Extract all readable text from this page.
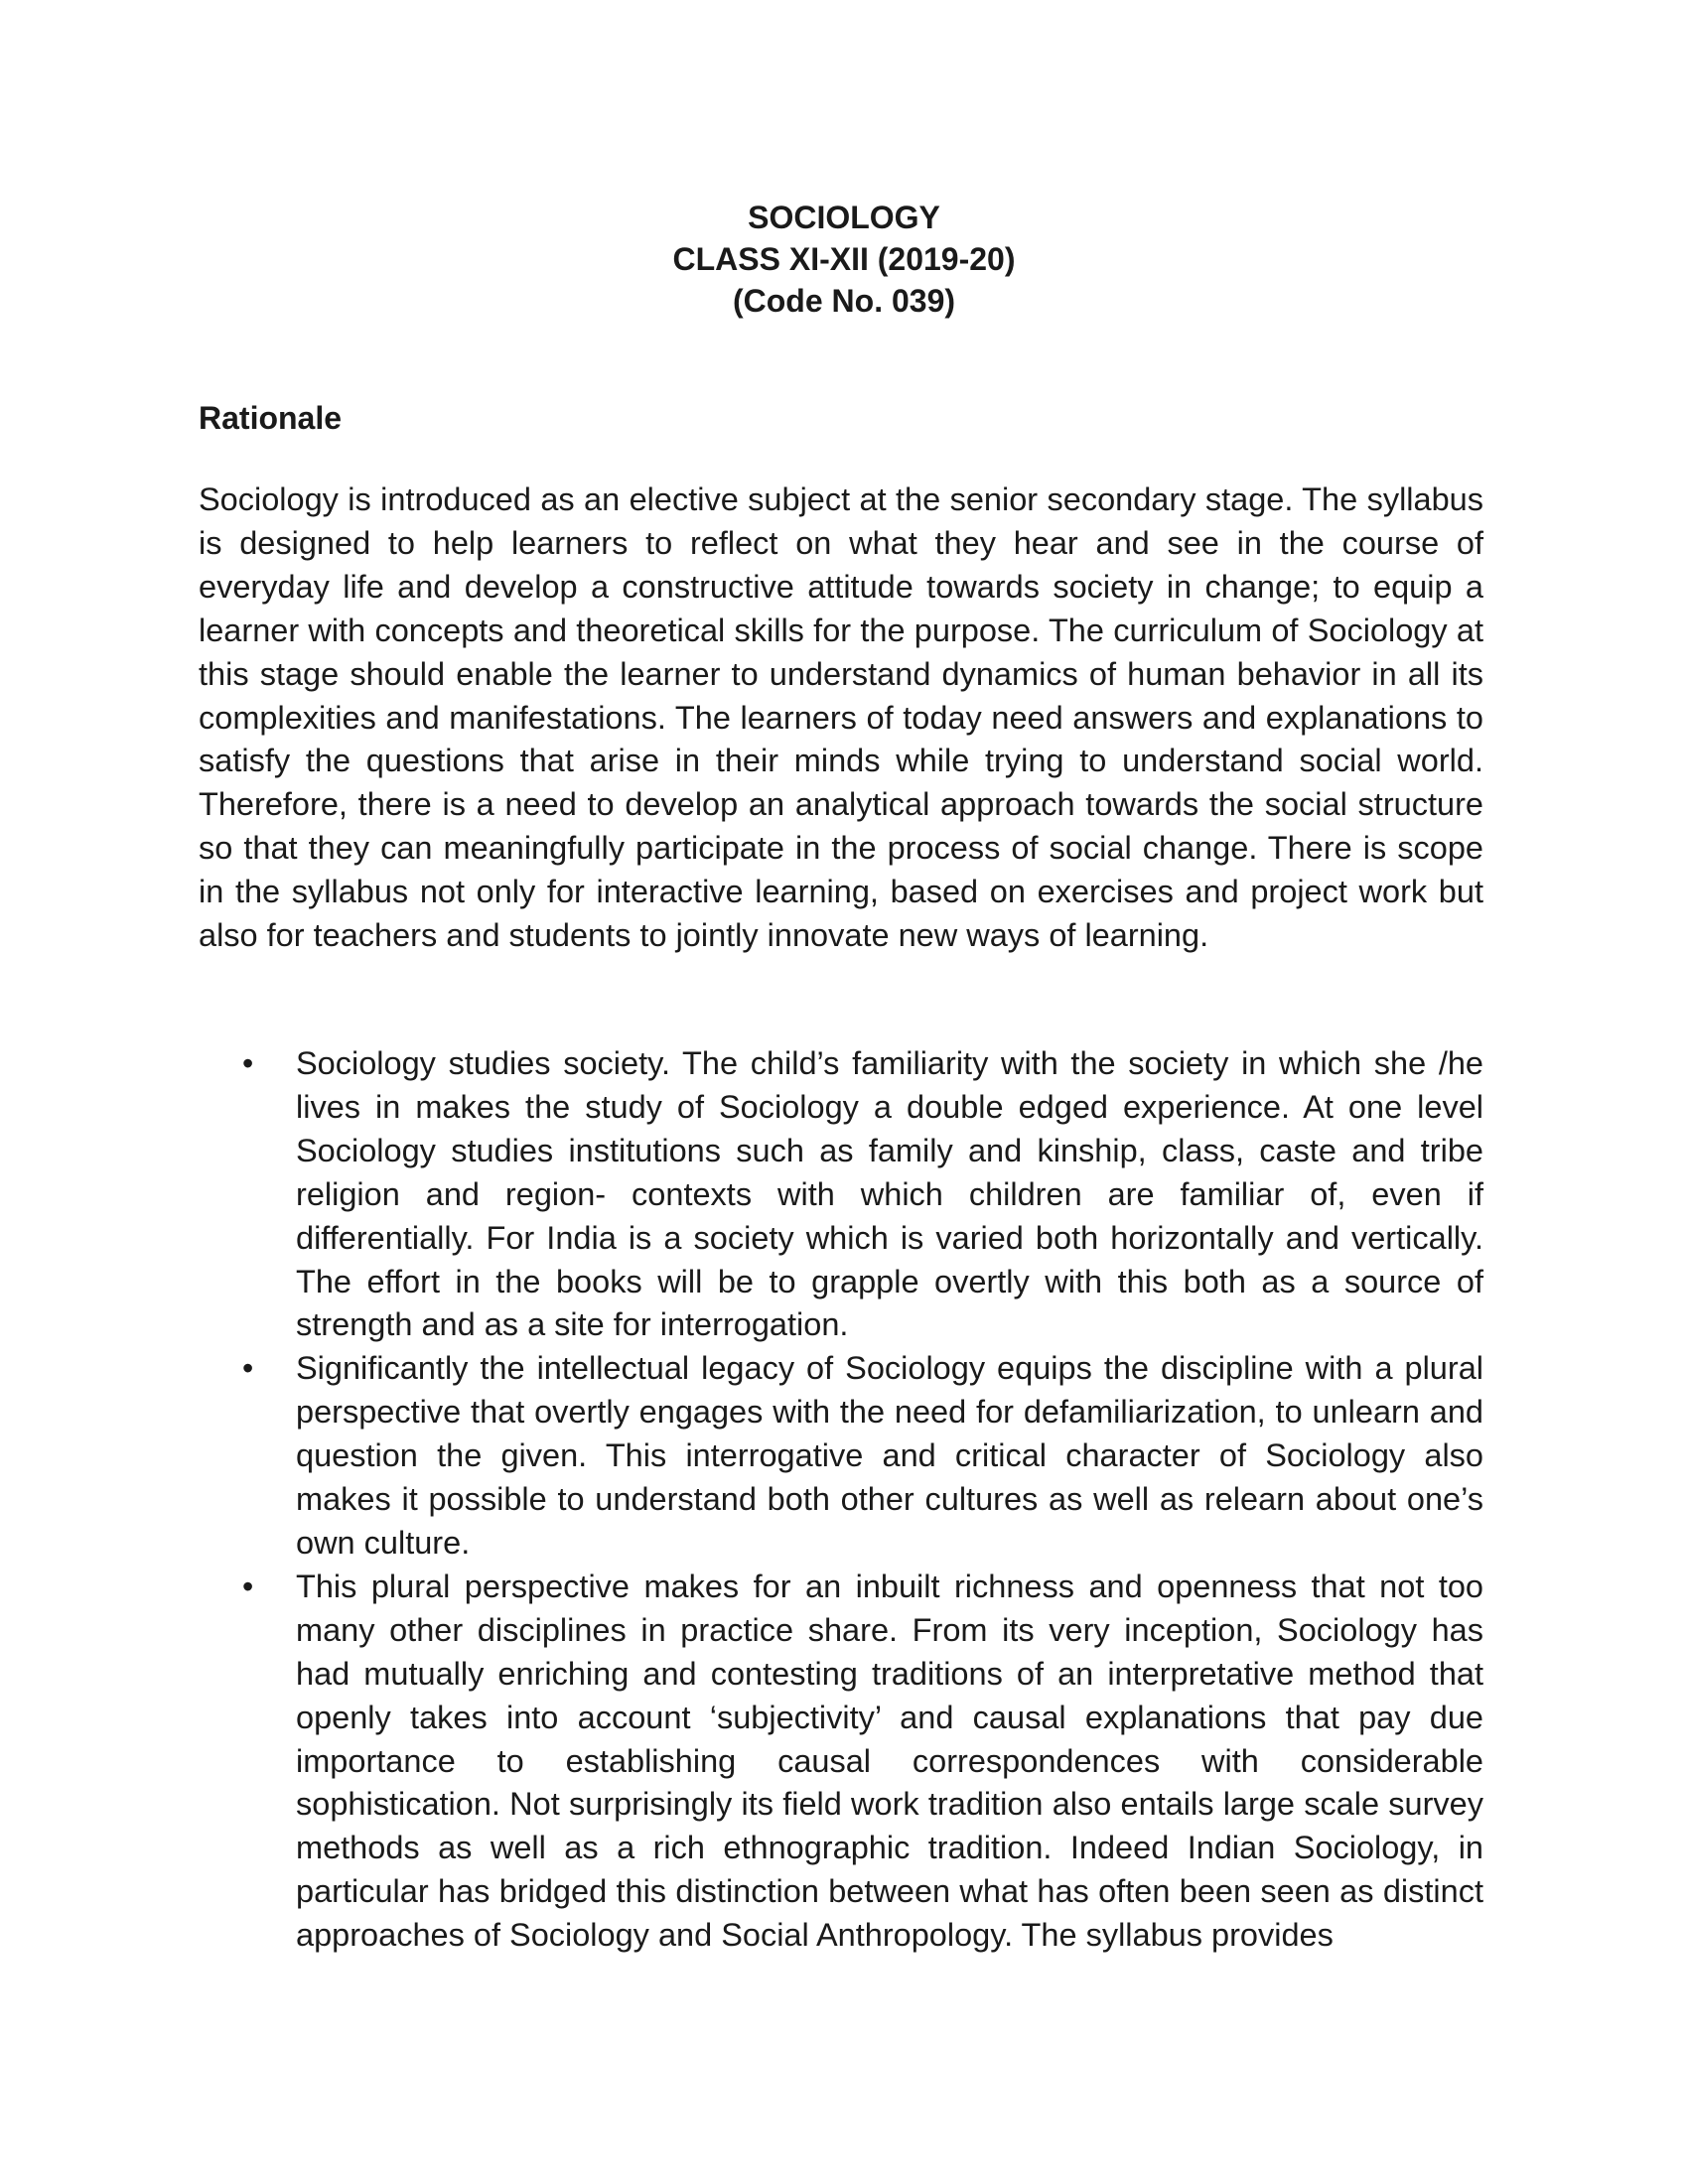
SOCIOLOGY
CLASS XI-XII (2019-20)
(Code No. 039)
Rationale

Sociology is introduced as an elective subject at the senior secondary stage. The syllabus is designed to help learners to reflect on what they hear and see in the course of everyday life and develop a constructive attitude towards society in change; to equip a learner with concepts and theoretical skills for the purpose. The curriculum of Sociology at this stage should enable the learner to understand dynamics of human behavior in all its complexities and manifestations. The learners of today need answers and explanations to satisfy the questions that arise in their minds while trying to understand social world. Therefore, there is a need to develop an analytical approach towards the social structure so that they can meaningfully participate in the process of social change. There is scope in the syllabus not only for interactive learning, based on exercises and project work but also for teachers and students to jointly innovate new ways of learning.

• Sociology studies society. The child’s familiarity with the society in which she /he lives in makes the study of Sociology a double edged experience. At one level Sociology studies institutions such as family and kinship, class, caste and tribe religion and region- contexts with which children are familiar of, even if differentially. For India is a society which is varied both horizontally and vertically. The effort in the books will be to grapple overtly with this both as a source of strength and as a site for interrogation.
• Significantly the intellectual legacy of Sociology equips the discipline with a plural perspective that overtly engages with the need for defamiliarization, to unlearn and question the given. This interrogative and critical character of Sociology also makes it possible to understand both other cultures as well as relearn about one’s own culture.
• This plural perspective makes for an inbuilt richness and openness that not too many other disciplines in practice share. From its very inception, Sociology has had mutually enriching and contesting traditions of an interpretative method that openly takes into account ‘subjectivity’ and causal explanations that pay due importance to establishing causal correspondences with considerable sophistication. Not surprisingly its field work tradition also entails large scale survey methods as well as a rich ethnographic tradition. Indeed Indian Sociology, in particular has bridged this distinction between what has often been seen as distinct approaches of Sociology and Social Anthropology. The syllabus provides
